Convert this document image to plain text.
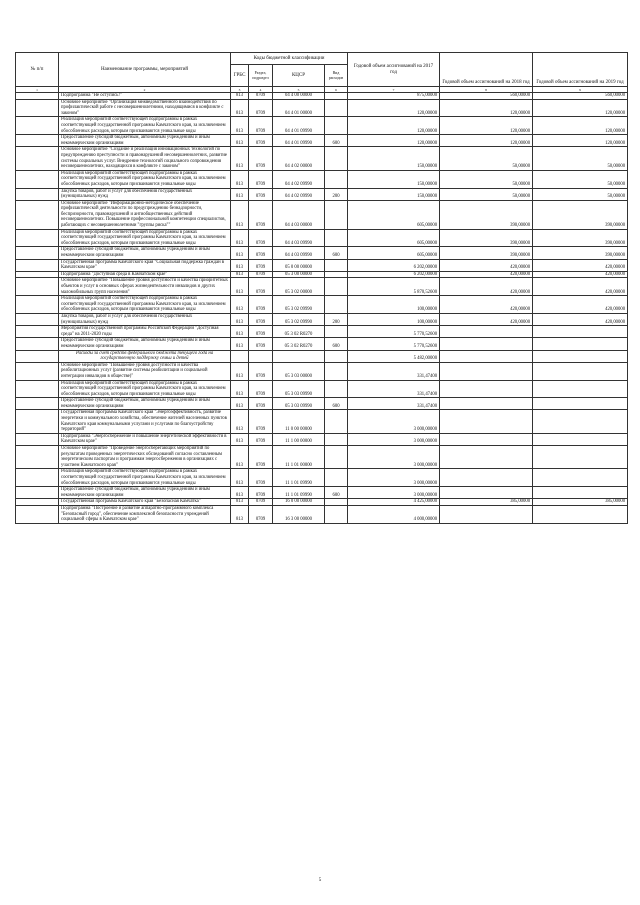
№ п/п	Наименование программы, мероприятий	Коды бюджетной классификации				Годовой объем ассигнований на 2017 год	Годовой объем ассигнований на 2018 год	Годовой объем ассигнований на 2019 год
		ГРБС	Раздел, подраздел	КЦСР	Вид расходов			
1	2	3	4	5	6	7	8	9
	Подпрограмма "Не оступись!"	813	0709	04 4 00 00000		875,00000	560,00000	560,00000
	Основное мероприятие "Организация межведомственного взаимодействия по профилактической работе с несовершеннолетними, находящимися в конфликте с законом"	813	0709	04 4 01 00000		120,00000	120,00000	120,00000
	Реализация мероприятий соответствующей подпрограммы в рамках соответствующей государственной программы Камчатского края, за исключением обособленных расходов, которым присваиваются уникальные коды	813	0709	04 4 01 09990		120,00000	120,00000	120,00000
	Предоставление субсидий бюджетным, автономным учреждениям и иным некоммерческим организациям	813	0709	04 4 01 09990	600	120,00000	120,00000	120,00000
	Основное мероприятие "Создание и реализация инновационных технологий по предупреждению преступности и правонарушений несовершеннолетних, развитие системы социальных услуг. Внедрение технологий социального сопровождения несовершеннолетних, находящихся в конфликте с законом"	813	0709	04 4 02 00000		150,00000	50,00000	50,00000
	Реализация мероприятий соответствующей подпрограммы в рамках соответствующей государственной программы Камчатского края, за исключением обособленных расходов, которым присваиваются уникальные коды	813	0709	04 4 02 09990		150,00000	50,00000	50,00000
	Закупка товаров, работ и услуг для обеспечения государственных (муниципальных) нужд	813	0709	04 4 02 09990	200	150,00000	50,00000	50,00000
	Основное мероприятие "Информационно-методическое обеспечение профилактической деятельности по предупреждению безнадзорности, беспризорности, правонарушений и антиобщественных действий несовершеннолетних. Повышение профессиональной компетенции специалистов, работающих с несовершеннолетними "группы риска""	813	0709	04 4 03 00000		605,00000	390,00000	390,00000
	Реализация мероприятий соответствующей подпрограммы в рамках соответствующей государственной программы Камчатского края, за исключением обособленных расходов, которым присваиваются уникальные коды	813	0709	04 4 03 09990		605,00000	390,00000	390,00000
	Предоставление субсидий бюджетным, автономным учреждениям и иным некоммерческим организациям	813	0709	04 4 03 09990	600	605,00000	390,00000	390,00000
	Государственная программа Камчатского края "Социальная поддержка граждан в Камчатском крае"	813	0709	05 0 00 00000		6 202,00000	420,00000	420,00000
	Подпрограмма "Доступная среда в Камчатском крае"	813	0709	05 3 00 00000		6 202,00000	420,00000	420,00000
	Основное мероприятие "Повышение уровня доступности и качества приоритетных объектов и услуг в основных сферах жизнедеятельности инвалидов и других маломобильных групп населения"	813	0709	05 3 02 00000		5 870,52600	420,00000	420,00000
	Реализация мероприятий соответствующей подпрограммы в рамках соответствующей государственной программы Камчатского края, за исключением обособленных расходов, которым присваиваются уникальные коды	813	0709	05 3 02 09990		100,00000	420,00000	420,00000
	Закупка товаров, работ и услуг для обеспечения государственных (муниципальных) нужд	813	0709	05 3 02 09990	200	100,00000	420,00000	420,00000
	Мероприятия государственной программы Российской Федерации "Доступная среда" на 2011-2020 годы	813	0709	05 3 02 R0270		5 770,52600		
	Предоставление субсидий бюджетным, автономным учреждениям и иным некоммерческим организациям	813	0709	05 3 02 R0270	600	5 770,52600		
	Расходы за счет средств федерального бюджета текущего года на государственную поддержку семьи и детей					5 482,00000		
	Основное мероприятие "Повышение уровня доступности и качества реабилитационных услуг (развитие системы реабилитации и социальной интеграции инвалидов в обществе)"	813	0709	05 3 03 00000		331,47400		
	Реализация мероприятий соответствующей подпрограммы в рамках соответствующей государственной программы Камчатского края, за исключением обособленных расходов, которым присваиваются уникальные коды	813	0709	05 3 03 09990		331,47400		
	Предоставление субсидий бюджетным, автономным учреждениям и иным некоммерческим организациям	813	0709	05 3 03 09990	600	331,47400		
	Государственная программа Камчатского края "Энергоэффективность, развитие энергетики и коммунального хозяйства, обеспечение жителей населенных пунктов Камчатского края коммунальными услугами и услугами по благоустройству территорий"	813	0709	11 0 00 00000		3 000,00000		
	Подпрограмма "Энергосбережение и повышение энергетической эффективности в Камчатском крае"	813	0709	11 1 00 00000		3 000,00000		
	Основное мероприятие "Проведение энергосберегающих мероприятий по результатам проведенных энергетических обследований согласно составленным энергетическим паспортам и программам энергосбережения в организациях с участием Камчатского края"	813	0709	11 1 01 00000		3 000,00000		
	Реализация мероприятий соответствующей подпрограммы в рамках соответствующей государственной программы Камчатского края, за исключением обособленных расходов, которым присваиваются уникальные коды	813	0709	11 1 01 09990		3 000,00000		
	Предоставление субсидий бюджетным, автономным учреждениям и иным некоммерческим организациям	813	0709	11 1 01 09990	600	3 000,00000		
	Государственная программа Камчатского края "Безопасная Камчатка"	813	0709	16 0 00 00000		4 425,00000	385,00000	385,00000
	Подпрограмма "Построение и развитие аппаратно-программного комплекса "Безопасный город", обеспечение комплексной безопасности учреждений социальной сферы в Камчатском крае"	813	0709	16 3 00 00000		4 000,00000		
5
